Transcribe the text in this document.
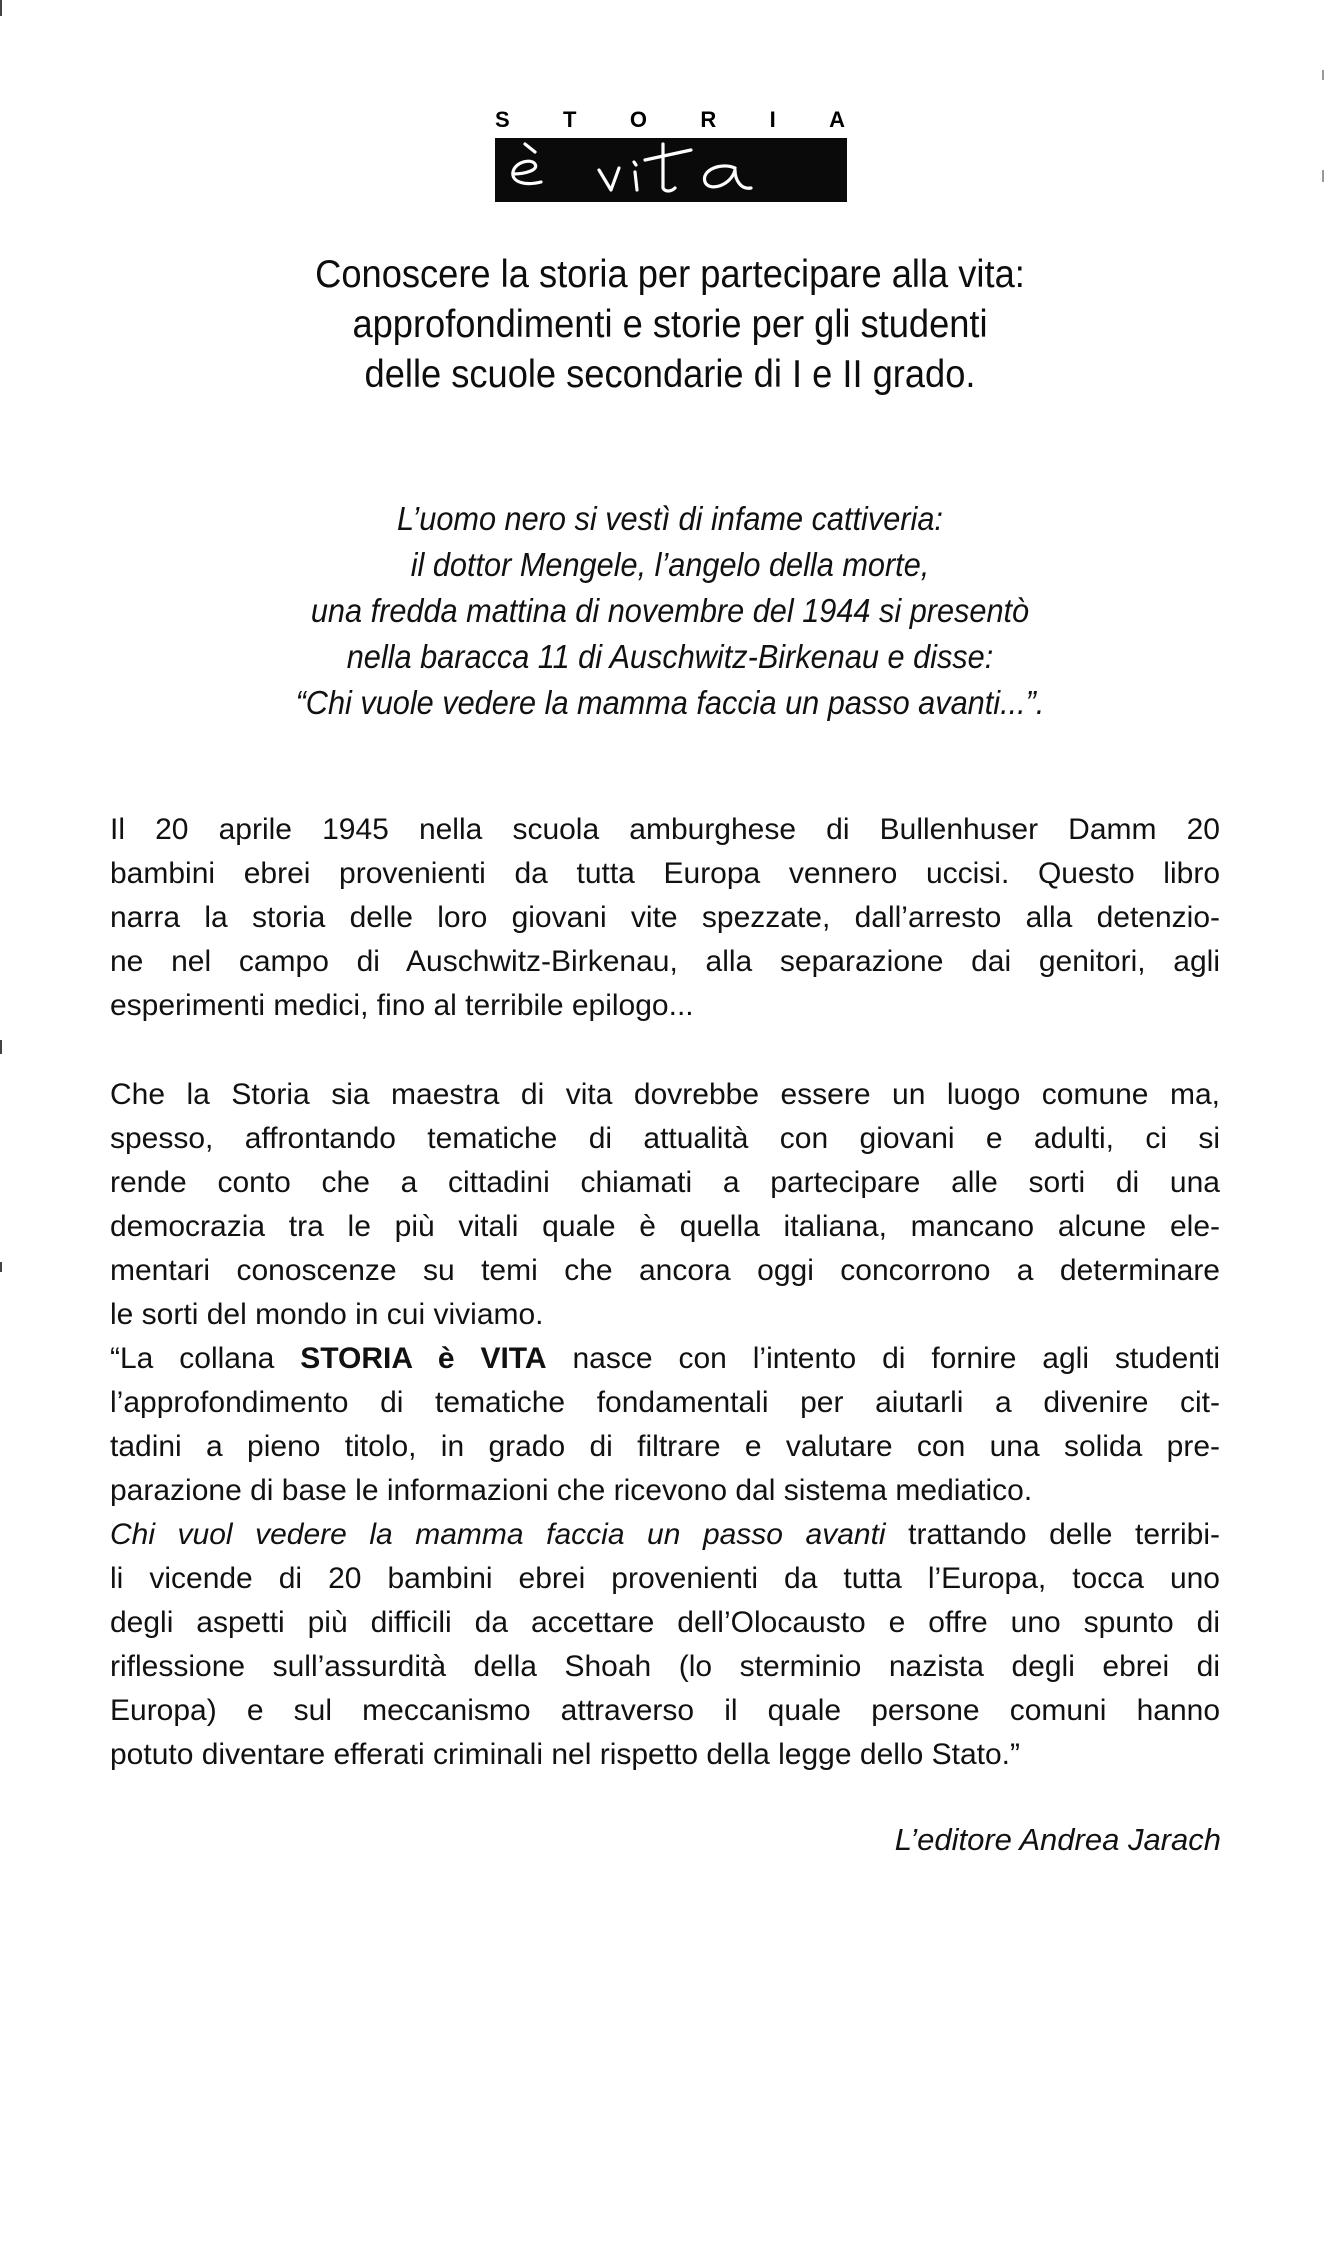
S T O R I A
Conoscere la storia per partecipare alla vita:
approfondimenti e storie per gli studenti
delle scuole secondarie di I e II grado.
L’uomo nero si vestì di infame cattiveria:
il dottor Mengele, l’angelo della morte,
una fredda mattina di novembre del 1944 si presentò
nella baracca 11 di Auschwitz-Birkenau e disse:
“Chi vuole vedere la mamma faccia un passo avanti...”.
Il 20 aprile 1945 nella scuola amburghese di Bullenhuser Damm 20
bambini ebrei provenienti da tutta Europa vennero uccisi. Questo libro
narra la storia delle loro giovani vite spezzate, dall’arresto alla detenzio-
ne nel campo di Auschwitz-Birkenau, alla separazione dai genitori, agli
esperimenti medici, fino al terribile epilogo...
Che la Storia sia maestra di vita dovrebbe essere un luogo comune ma,
spesso, affrontando tematiche di attualità con giovani e adulti, ci si
rende conto che a cittadini chiamati a partecipare alle sorti di una
democrazia tra le più vitali quale è quella italiana, mancano alcune ele-
mentari conoscenze su temi che ancora oggi concorrono a determinare
le sorti del mondo in cui viviamo.
“La collana STORIA è VITA nasce con l’intento di fornire agli studenti
l’approfondimento di tematiche fondamentali per aiutarli a divenire cit-
tadini a pieno titolo, in grado di filtrare e valutare con una solida pre-
parazione di base le informazioni che ricevono dal sistema mediatico.
Chi vuol vedere la mamma faccia un passo avanti trattando delle terribi-
li vicende di 20 bambini ebrei provenienti da tutta l’Europa, tocca uno
degli aspetti più difficili da accettare dell’Olocausto e offre uno spunto di
riflessione sull’assurdità della Shoah (lo sterminio nazista degli ebrei di
Europa) e sul meccanismo attraverso il quale persone comuni hanno
potuto diventare efferati criminali nel rispetto della legge dello Stato.”
L’editore Andrea Jarach
